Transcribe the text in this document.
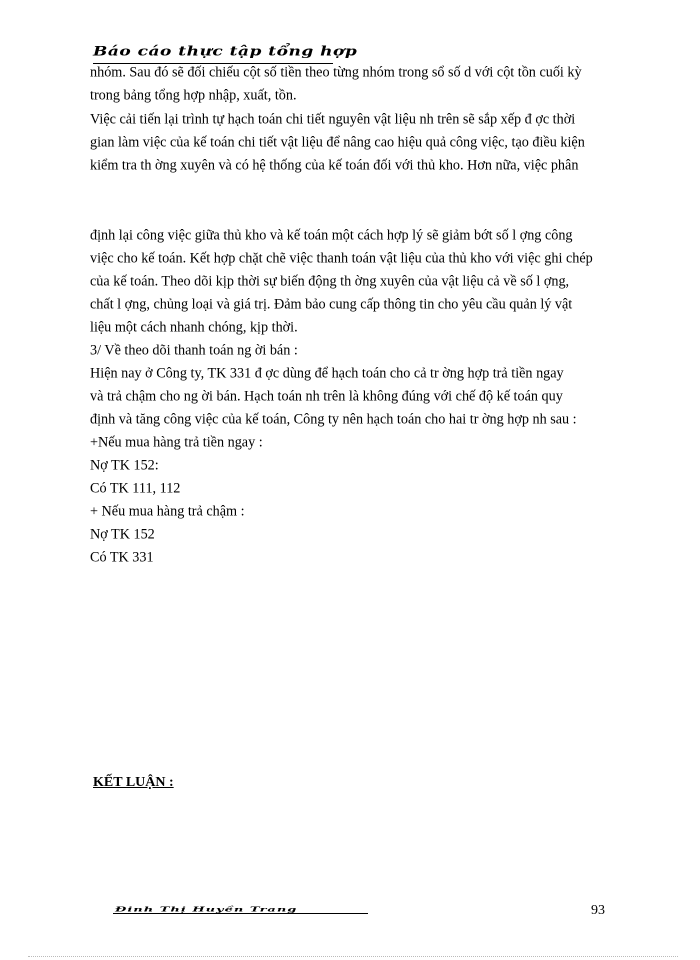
Báo cáo thực tập tổng hợp
nhóm. Sau đó sẽ đối chiếu cột số tiền theo từng nhóm trong sổ số d với cột tồn cuối kỳ
trong bảng tổng hợp nhập, xuất, tồn.
Việc cải tiến lại trình tự hạch toán chi tiết nguyên vật liệu nh trên sẽ sắp xếp đ ợc thời
gian làm việc của kế toán chi tiết vật liệu để nâng cao hiệu quả công việc, tạo điều kiện
kiểm tra th ờng xuyên và có hệ thống của kế toán đối với thủ kho. Hơn nữa, việc phân
định lại công việc giữa thủ kho và kế toán một cách hợp lý sẽ giảm bớt số l ợng công
việc cho kế toán. Kết hợp chặt chẽ việc thanh toán vật liệu của thủ kho với việc ghi chép
của kế toán. Theo dõi kịp thời sự biến động th ờng xuyên của vật liệu cả về số l ợng,
chất l ợng, chủng loại và giá trị. Đảm bảo cung cấp thông tin cho yêu cầu quản lý vật
liệu một cách nhanh chóng, kịp thời.
3/ Về theo dõi thanh toán ng ời bán :
Hiện nay ở Công ty, TK 331 đ ợc dùng để hạch toán cho cả tr ờng hợp trả tiền ngay
và trả chậm cho ng ời bán. Hạch toán nh trên là không đúng với chế độ kế toán quy
định và tăng công việc của kế toán, Công ty nên hạch toán cho hai tr ờng hợp nh sau :
+Nếu mua hàng trả tiền ngay :
Nợ TK 152:
Có TK 111, 112
+ Nếu mua hàng trả chậm :
Nợ TK 152
Có TK 331
KẾT LUẬN :
Đinh Thị Huyền Trang	93
